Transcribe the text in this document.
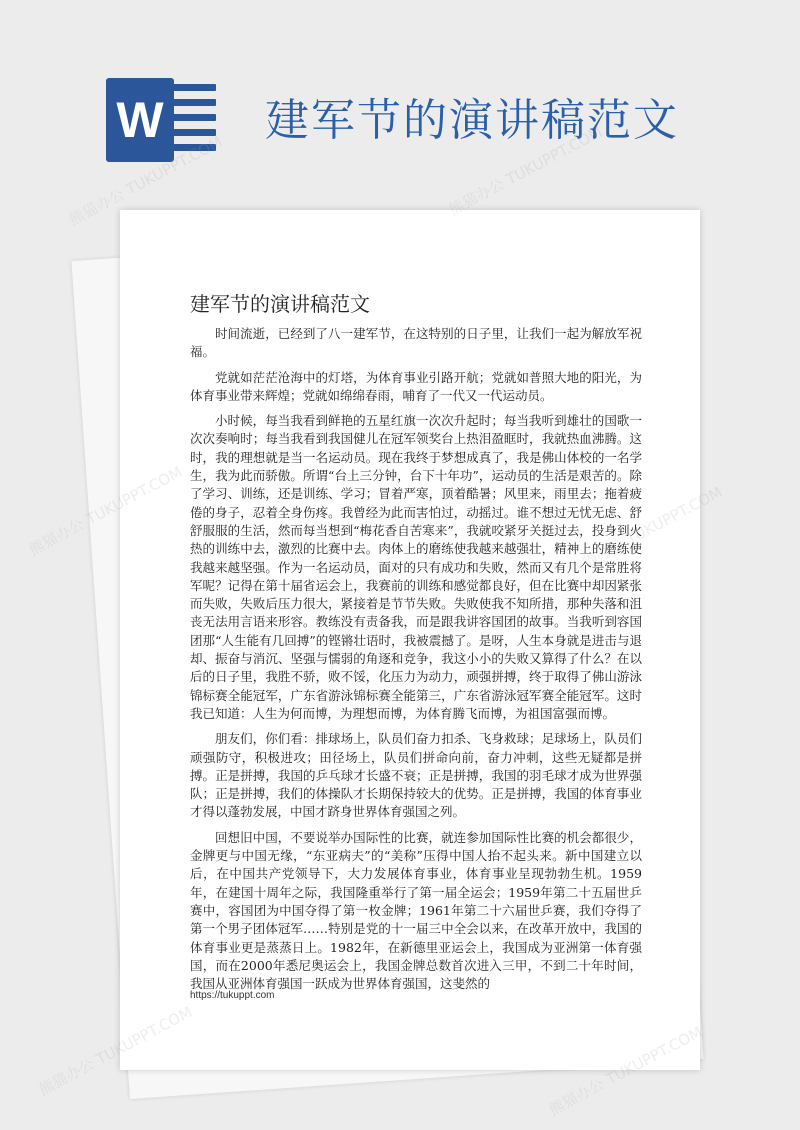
W 建军节的演讲稿范文
建军节的演讲稿范文

时间流逝，已经到了八一建军节，在这特别的日子里，让我们一起为解放军祝福。

党就如茫茫沧海中的灯塔，为体育事业引路开航；党就如普照大地的阳光，为体育事业带来辉煌；党就如绵绵春雨，哺育了一代又一代运动员。

小时候，每当我看到鲜艳的五星红旗一次次升起时；每当我听到雄壮的国歌一次次奏响时；每当我看到我国健儿在冠军领奖台上热泪盈眶时，我就热血沸腾。这时，我的理想就是当一名运动员。现在我终于梦想成真了，我是佛山体校的一名学生，我为此而骄傲。所谓“台上三分钟，台下十年功”，运动员的生活是艰苦的。除了学习、训练，还是训练、学习；冒着严寒，顶着酷暑；风里来，雨里去；拖着疲倦的身子，忍着全身伤疼。我曾经为此而害怕过，动摇过。谁不想过无忧无虑、舒舒服服的生活，然而每当想到“梅花香自苦寒来”，我就咬紧牙关挺过去，投身到火热的训练中去，激烈的比赛中去。肉体上的磨练使我越来越强壮，精神上的磨练使我越来越坚强。作为一名运动员，面对的只有成功和失败，然而又有几个是常胜将军呢？记得在第十届省运会上，我赛前的训练和感觉都良好，但在比赛中却因紧张而失败，失败后压力很大，紧接着是节节失败。失败使我不知所措，那种失落和沮丧无法用言语来形容。教练没有责备我，而是跟我讲容国团的故事。当我听到容国团那“人生能有几回搏”的铿锵壮语时，我被震撼了。是呀，人生本身就是进击与退却、振奋与消沉、坚强与懦弱的角逐和竞争，我这小小的失败又算得了什么？在以后的日子里，我胜不骄，败不馁，化压力为动力，顽强拼搏，终于取得了佛山游泳锦标赛全能冠军，广东省游泳锦标赛全能第三，广东省游泳冠军赛全能冠军。这时我已知道：人生为何而博，为理想而博，为体育腾飞而博，为祖国富强而博。

朋友们，你们看：排球场上，队员们奋力扣杀、飞身救球；足球场上，队员们顽强防守，积极进攻；田径场上，队员们拼命向前，奋力冲刺，这些无疑都是拼搏。正是拼搏，我国的乒乓球才长盛不衰；正是拼搏，我国的羽毛球才成为世界强队；正是拼搏，我们的体操队才长期保持较大的优势。正是拼搏，我国的体育事业才得以蓬勃发展，中国才跻身世界体育强国之列。

回想旧中国，不要说举办国际性的比赛，就连参加国际性比赛的机会都很少，金牌更与中国无缘，“东亚病夫”的“美称”压得中国人抬不起头来。新中国建立以后，在中国共产党领导下，大力发展体育事业，体育事业呈现勃勃生机。1959年，在建国十周年之际，我国隆重举行了第一届全运会；1959年第二十五届世乒赛中，容国团为中国夺得了第一枚金牌；1961年第二十六届世乒赛，我们夺得了第一个男子团体冠军……特别是党的十一届三中全会以来，在改革开放中，我国的体育事业更是蒸蒸日上。1982年，在新德里亚运会上，我国成为亚洲第一体育强国，而在2000年悉尼奥运会上，我国金牌总数首次进入三甲，不到二十年时间，我国从亚洲体育强国一跃成为世界体育强国，这斐然的

https://tukuppt.com
熊猫办公 TUKUPPT.COM	熊猫办公 TUKUPPT.COM
熊猫办公
熊猫办公 TUKUPPT.COM	熊猫办公 TUKUPPT.COM
